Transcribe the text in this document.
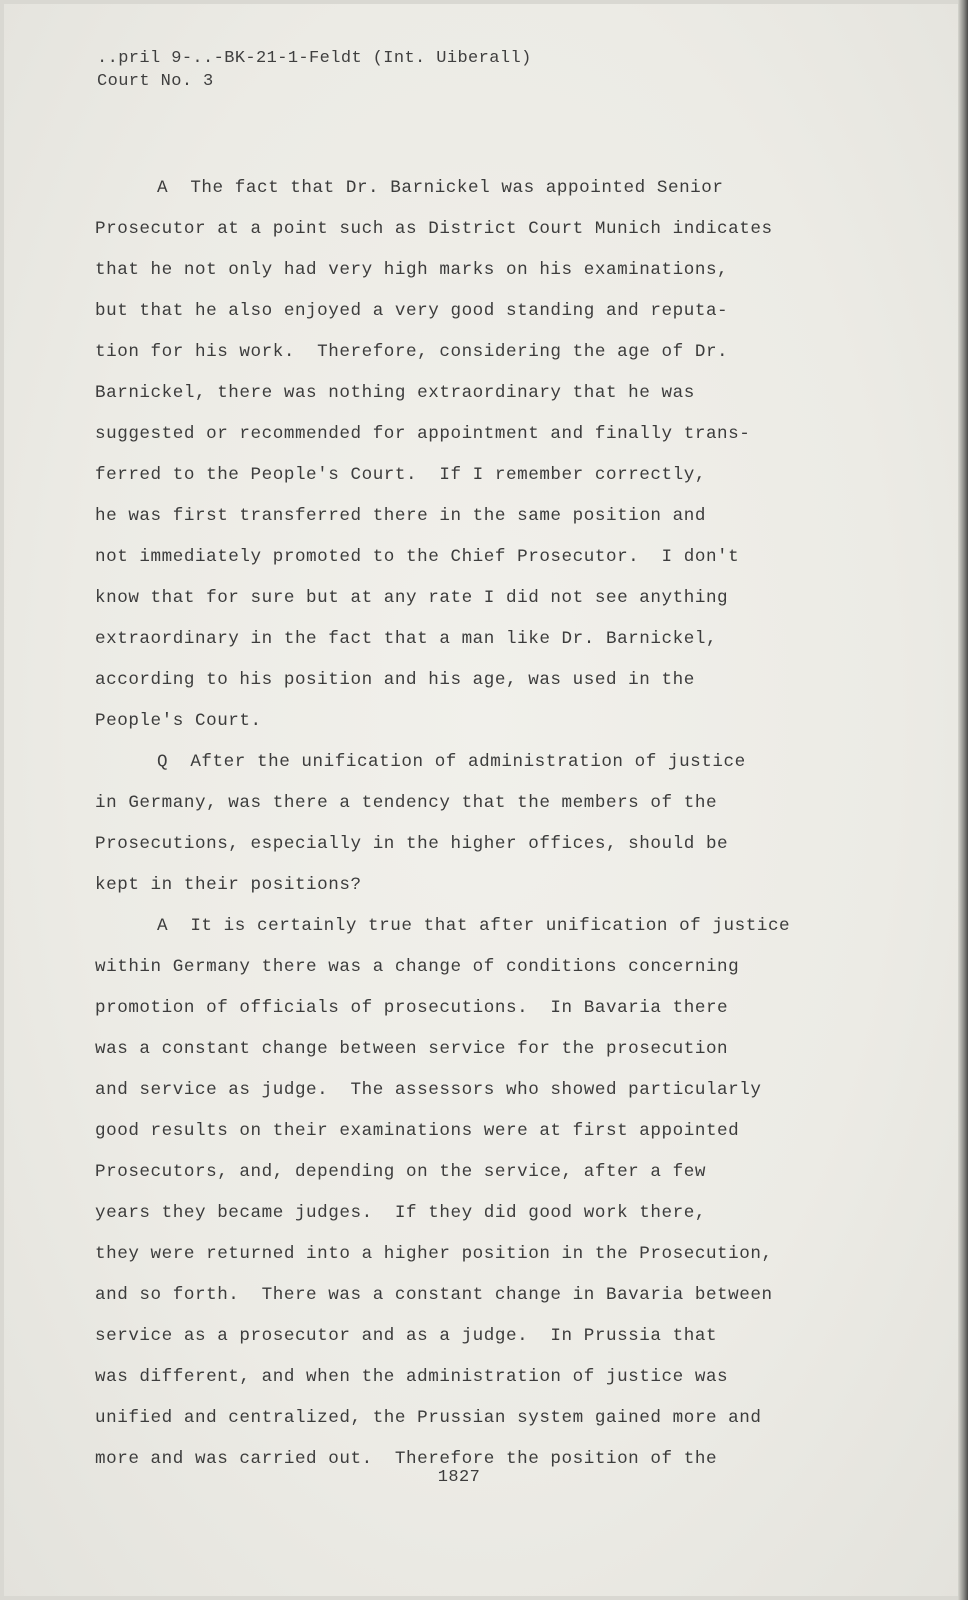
..pril 9-..-BK-21-1-Feldt (Int. Uiberall)
Court No. 3
A  The fact that Dr. Barnickel was appointed Senior
Prosecutor at a point such as District Court Munich indicates
that he not only had very high marks on his examinations,
but that he also enjoyed a very good standing and reputa-
tion for his work.  Therefore, considering the age of Dr.
Barnickel, there was nothing extraordinary that he was
suggested or recommended for appointment and finally trans-
ferred to the People's Court.  If I remember correctly,
he was first transferred there in the same position and
not immediately promoted to the Chief Prosecutor.  I don't
know that for sure but at any rate I did not see anything
extraordinary in the fact that a man like Dr. Barnickel,
according to his position and his age, was used in the
People's Court.
Q  After the unification of administration of justice
in Germany, was there a tendency that the members of the
Prosecutions, especially in the higher offices, should be
kept in their positions?
A  It is certainly true that after unification of justice
within Germany there was a change of conditions concerning
promotion of officials of prosecutions.  In Bavaria there
was a constant change between service for the prosecution
and service as judge.  The assessors who showed particularly
good results on their examinations were at first appointed
Prosecutors, and, depending on the service, after a few
years they became judges.  If they did good work there,
they were returned into a higher position in the Prosecution,
and so forth.  There was a constant change in Bavaria between
service as a prosecutor and as a judge.  In Prussia that
was different, and when the administration of justice was
unified and centralized, the Prussian system gained more and
more and was carried out.  Therefore the position of the
1827
